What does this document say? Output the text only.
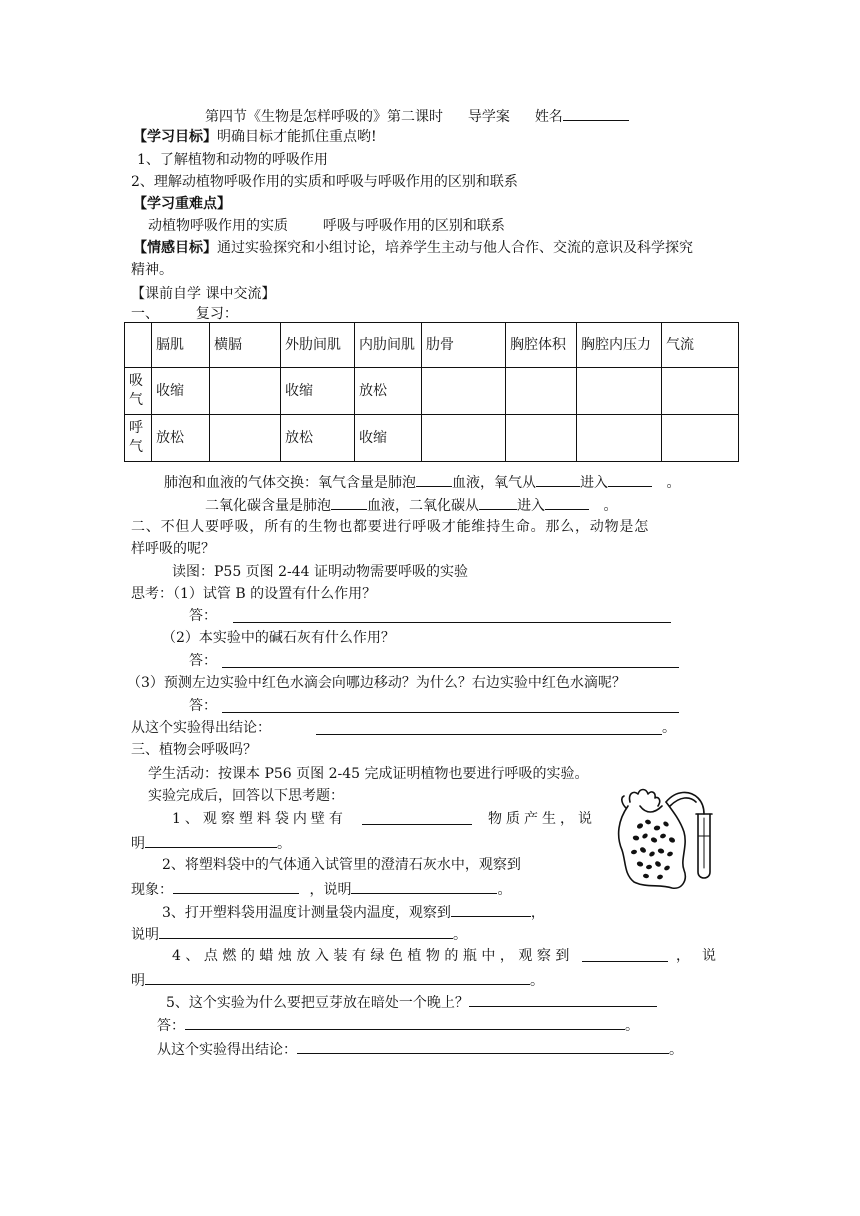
第四节《生物是怎样呼吸的》第二课时 导学案 姓名
【学习目标】明确目标才能抓住重点哟!
1、了解植物和动物的呼吸作用
2、理解动植物呼吸作用的实质和呼吸与呼吸作用的区别和联系
【学习重难点】
动植物呼吸作用的实质 呼吸与呼吸作用的区别和联系
【情感目标】通过实验探究和小组讨论，培养学生主动与他人合作、交流的意识及科学探究
精神。
【课前自学 课中交流】
一、	复习：
	膈肌	横膈	外肋间肌	内肋间肌	肋骨	胸腔体积	胸腔内压力	气流
吸气	收缩		收缩	放松				
呼气	放松		放松	收缩				
肺泡和血液的气体交换：氧气含量是肺泡	血液，氧气从	进入	。
二氧化碳含量是肺泡	血液，二氧化碳从	进入	。
二、不但人要呼吸，所有的生物也都要进行呼吸才能维持生命。那么，动物是怎
样呼吸的呢？
读图：P55 页图 2-44 证明动物需要呼吸的实验
思考：（1）试管 B 的设置有什么作用？
答：
（2）本实验中的碱石灰有什么作用？
答：
（3）预测左边实验中红色水滴会向哪边移动？为什么？右边实验中红色水滴呢？
答：
从这个实验得出结论：	。
三、植物会呼吸吗？
学生活动：按课本 P56 页图 2-45 完成证明植物也要进行呼吸的实验。
实验完成后，回答以下思考题：
1、观察塑料袋内壁有	物质产生，说
明	。
2、将塑料袋中的气体通入试管里的澄清石灰水中，观察到
现象：	，说明	。
3、打开塑料袋用温度计测量袋内温度，观察到	，
说明	。
4、点燃的蜡烛放入装有绿色植物的瓶中，观察到	，说
明	。
5、这个实验为什么要把豆芽放在暗处一个晚上？
答：	。
从这个实验得出结论：	。
